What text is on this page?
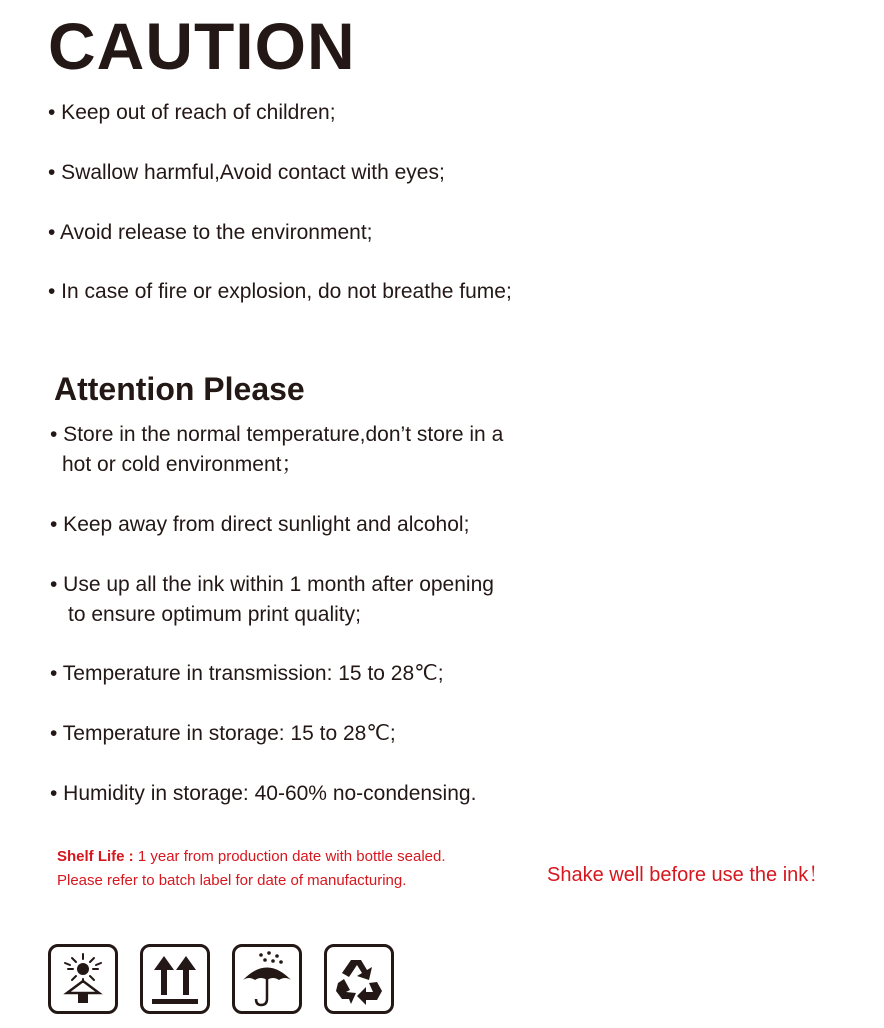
CAUTION
• Keep out of reach of children;
• Swallow harmful,Avoid contact with eyes;
• Avoid release to the environment;
• In case of fire or explosion, do not breathe fume;
Attention Please
• Store in the normal temperature,don’t store in a
hot or cold environment；
• Keep away from direct sunlight and alcohol;
• Use up all the ink within 1 month after opening
to ensure optimum print quality;
• Temperature in transmission: 15 to 28℃;
• Temperature in storage: 15 to 28℃;
• Humidity in storage: 40-60% no-condensing.
Shelf Life : 1 year from production date with bottle sealed.
Please refer to batch label for date of manufacturing.	Shake well before use the ink！
